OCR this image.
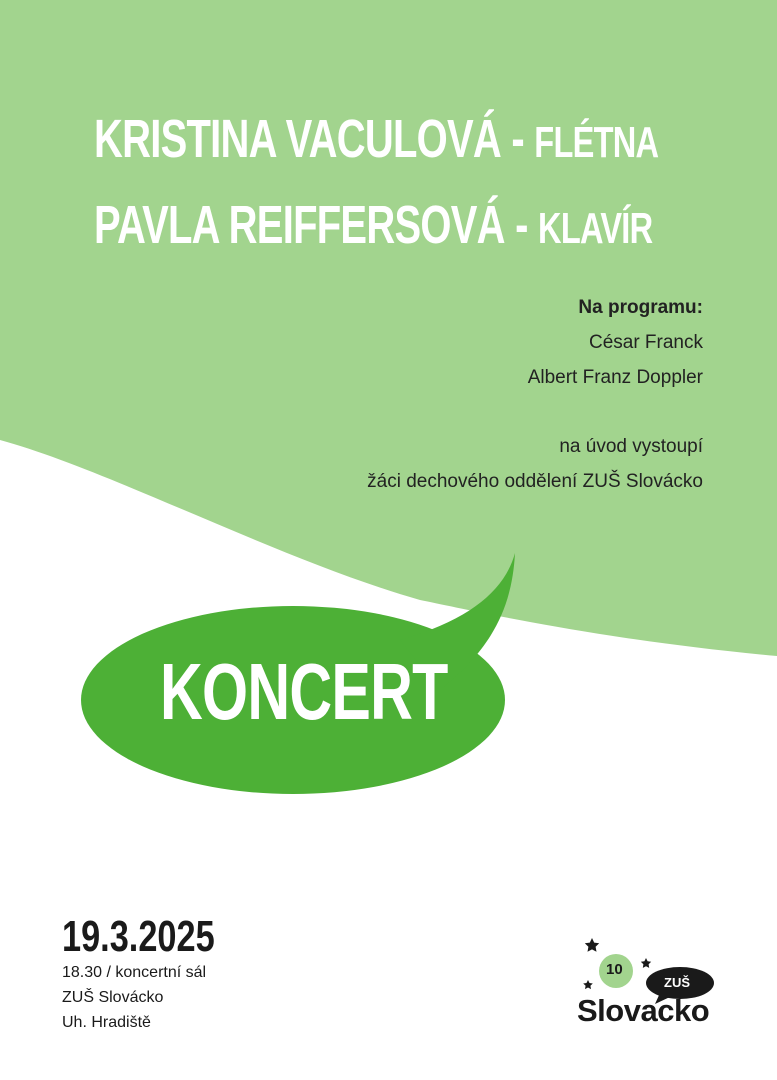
KRISTINA VACULOVÁ - FLÉTNA
PAVLA REIFFERSOVÁ - KLAVÍR
Na programu:
César Franck
Albert Franz Doppler
na úvod vystoupí
žáci dechového oddělení ZUŠ Slovácko
KONCERT
19.3.2025
18.30 / koncertní sál
ZUŠ Slovácko
Uh. Hradiště
10
ZUŠ
Slovacko
